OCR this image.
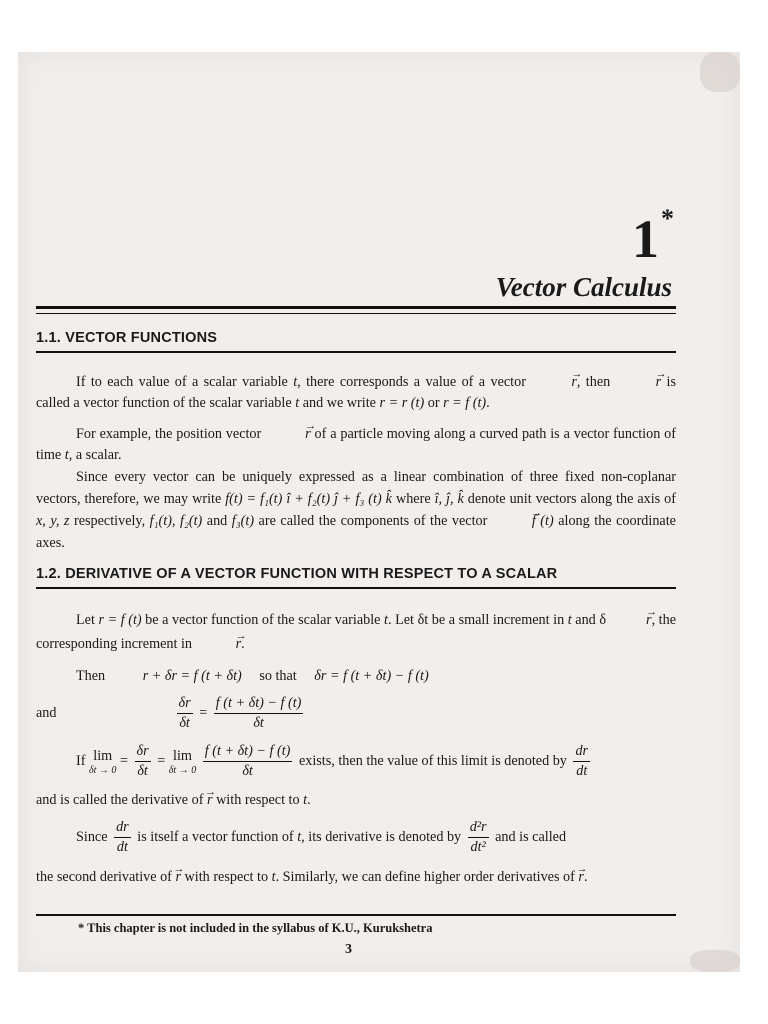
1*
Vector Calculus
1.1. VECTOR FUNCTIONS

If to each value of a scalar variable t, there corresponds a value of a vector	→ r, then	→ r is called a vector function of the scalar variable t and we write r = r (t) or r = f (t).

For example, the position vector	→ r of a particle moving along a curved path is a vector function of time t, a scalar.

Since every vector can be uniquely expressed as a linear combination of three fixed non-coplanar vectors, therefore, we may write f(t) = f₁(t) î + f₂(t) ĵ + f₃ (t) k̂ where î, ĵ, k̂ denote unit vectors along the axis of x, y, z respectively, f₁(t), f₂(t) and f₃(t) are called the components of the vector	→ f (t) along the coordinate axes.

1.2. DERIVATIVE OF A VECTOR FUNCTION WITH RESPECT TO A SCALAR

Let r = f (t) be a vector function of the scalar variable t. Let δt be a small increment in t and δ	→ r, the corresponding increment in	→ r.

Then	r + δr = f (t + δt) so that δr = f (t + δt) − f (t)
and	$\frac{\delta r}{\delta t} = \frac{f (t + \delta t) - f (t)}{\delta t}$
If lim
δt → 0
= $\frac{\delta r}{\delta t} = \lim$
δt → 0
$\frac{f (t + \delta t) - f (t)}{\delta t}$ exists, then the value of this limit is denoted by $\frac{dr}{dt}$

and is called the derivative of → r with respect to t.

Since $\frac{dr}{dt}$ is itself a vector function of t, its derivative is denoted by $\frac{\text{d²r}}{\text{dt²}}$ and is called

the second derivative of → r with respect to t. Similarly, we can define higher order derivatives of → r.

* This chapter is not included in the syllabus of K.U., Kurukshetra
3
